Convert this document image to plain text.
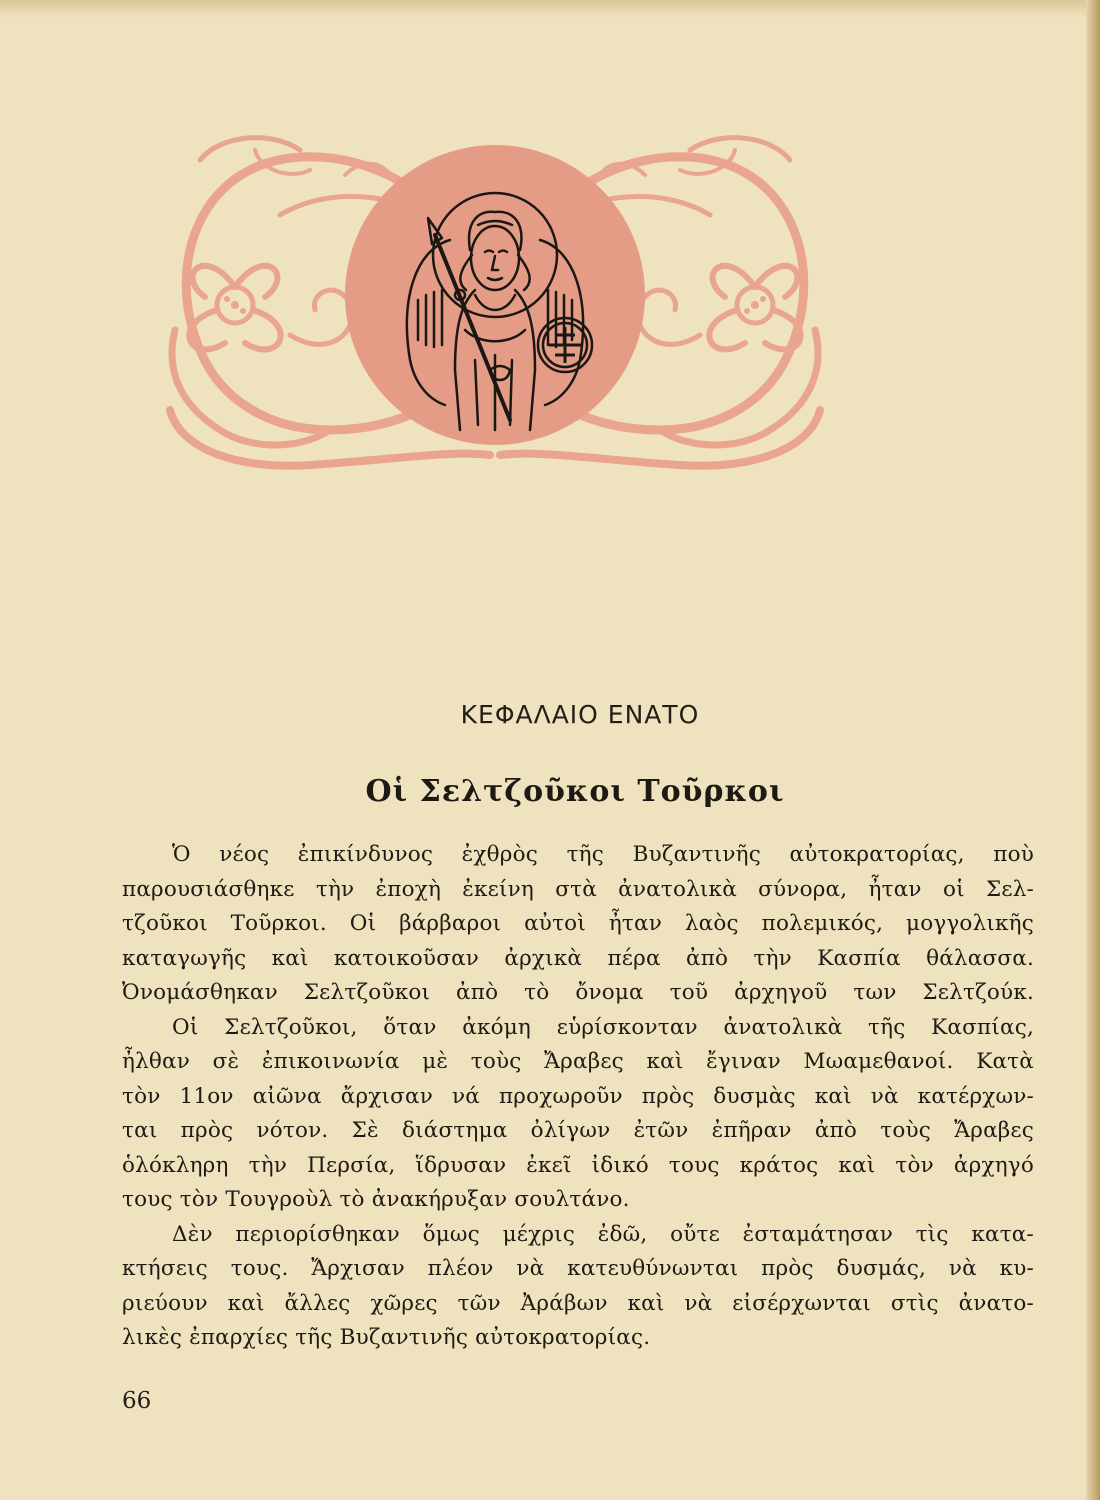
ΚΕΦΑΛΑΙΟ ΕΝΑΤΟ
Οἱ Σελτζοῦκοι Τοῦρκοι
Ὁ νέος ἐπικίνδυνος ἐχθρὸς τῆς Βυζαντινῆς αὐτοκρατορίας, ποὺ
παρουσιάσθηκε τὴν ἐποχὴ ἐκείνη στὰ ἀνατολικὰ σύνορα, ἦταν οἱ Σελ-
τζοῦκοι Τοῦρκοι. Οἱ βάρβαροι αὐτοὶ ἦταν λαὸς πολεμικός, μογγολικῆς
καταγωγῆς καὶ κατοικοῦσαν ἀρχικὰ πέρα ἀπὸ τὴν Κασπία θάλασσα.
Ὀνομάσθηκαν Σελτζοῦκοι ἀπὸ τὸ ὄνομα τοῦ ἀρχηγοῦ των Σελτζούκ.
Οἱ Σελτζοῦκοι, ὅταν ἀκόμη εὑρίσκονταν ἀνατολικὰ τῆς Κασπίας,
ἦλθαν σὲ ἐπικοινωνία μὲ τοὺς Ἄραβες καὶ ἔγιναν Μωαμεθανοί. Κατὰ
τὸν 11ον αἰῶνα ἄρχισαν νά προχωροῦν πρὸς δυσμὰς καὶ νὰ κατέρχων-
ται πρὸς νότον. Σὲ διάστημα ὀλίγων ἐτῶν ἐπῆραν ἀπὸ τοὺς Ἄραβες
ὁλόκληρη τὴν Περσία, ἵδρυσαν ἐκεῖ ἰδικό τους κράτος καὶ τὸν ἀρχηγό
τους τὸν Τουγροὺλ τὸ ἀνακήρυξαν σουλτάνο.
Δὲν περιορίσθηκαν ὅμως μέχρις ἐδῶ, οὔτε ἐσταμάτησαν τὶς κατα-
κτήσεις τους. Ἄρχισαν πλέον νὰ κατευθύνωνται πρὸς δυσμάς, νὰ κυ-
ριεύουν καὶ ἄλλες χῶρες τῶν Ἀράβων καὶ νὰ εἰσέρχωνται στὶς ἀνατο-
λικὲς ἐπαρχίες τῆς Βυζαντινῆς αὐτοκρατορίας.
66
